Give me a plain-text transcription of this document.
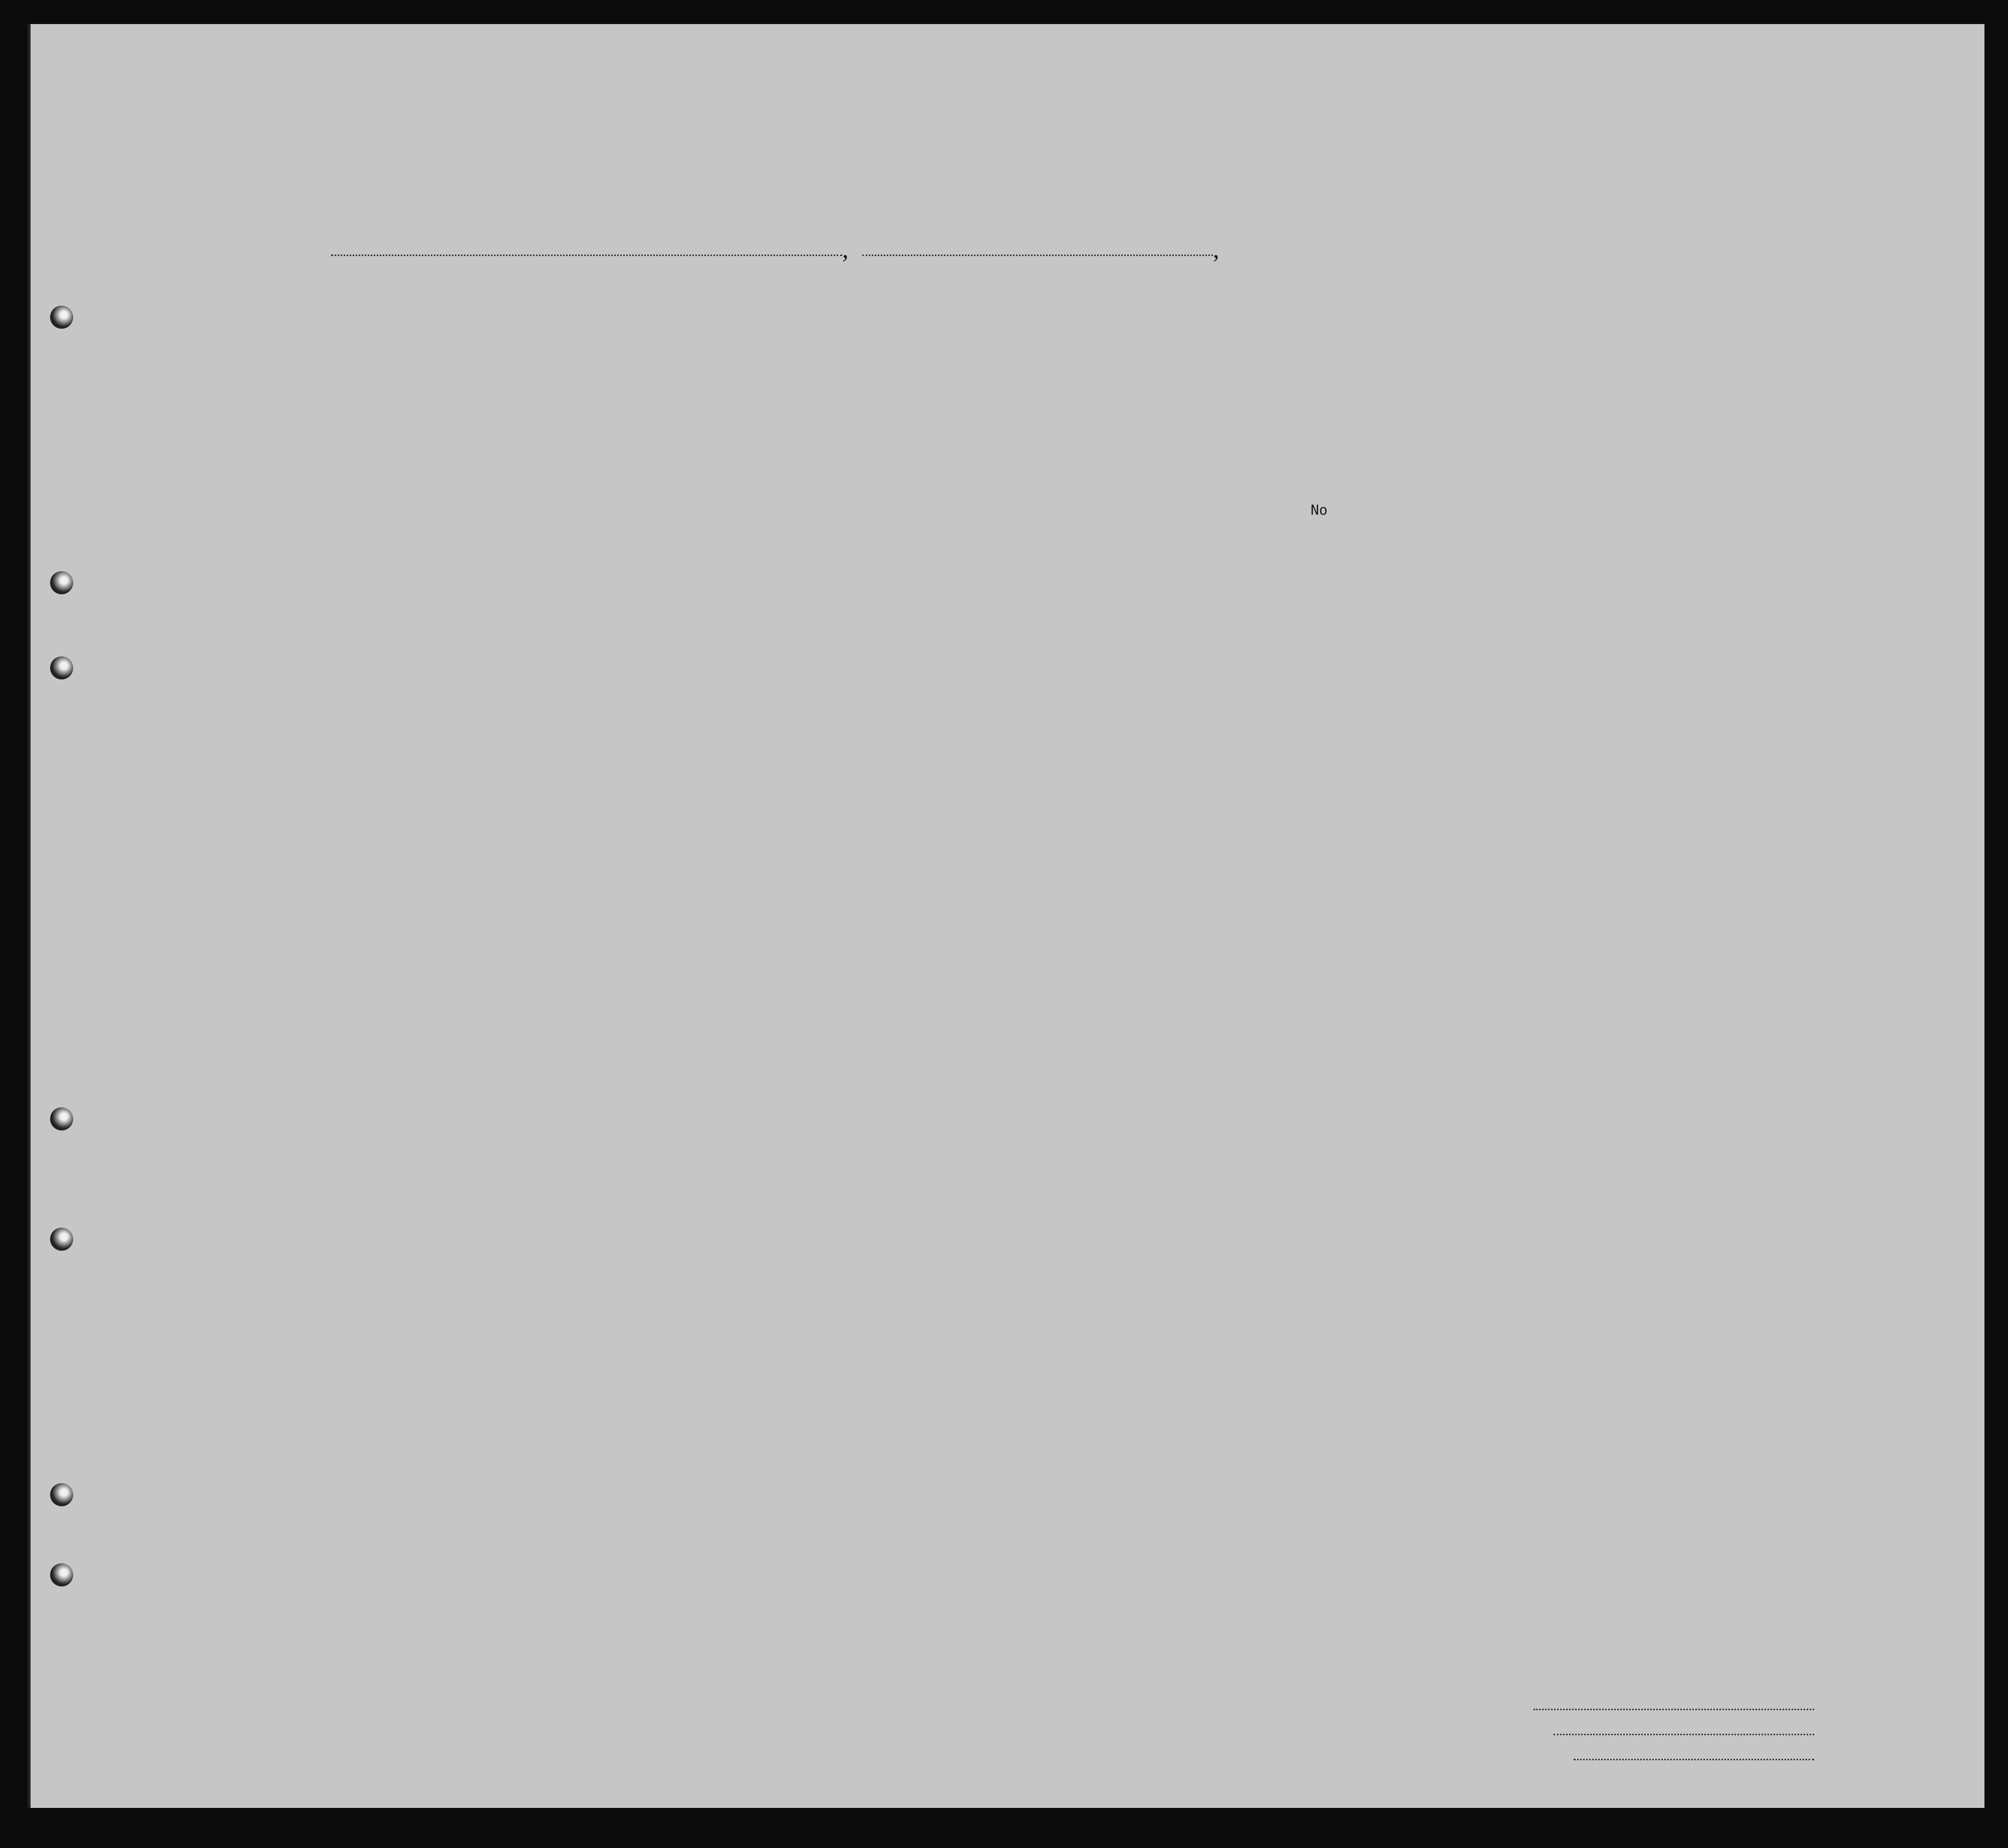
,	,
No
